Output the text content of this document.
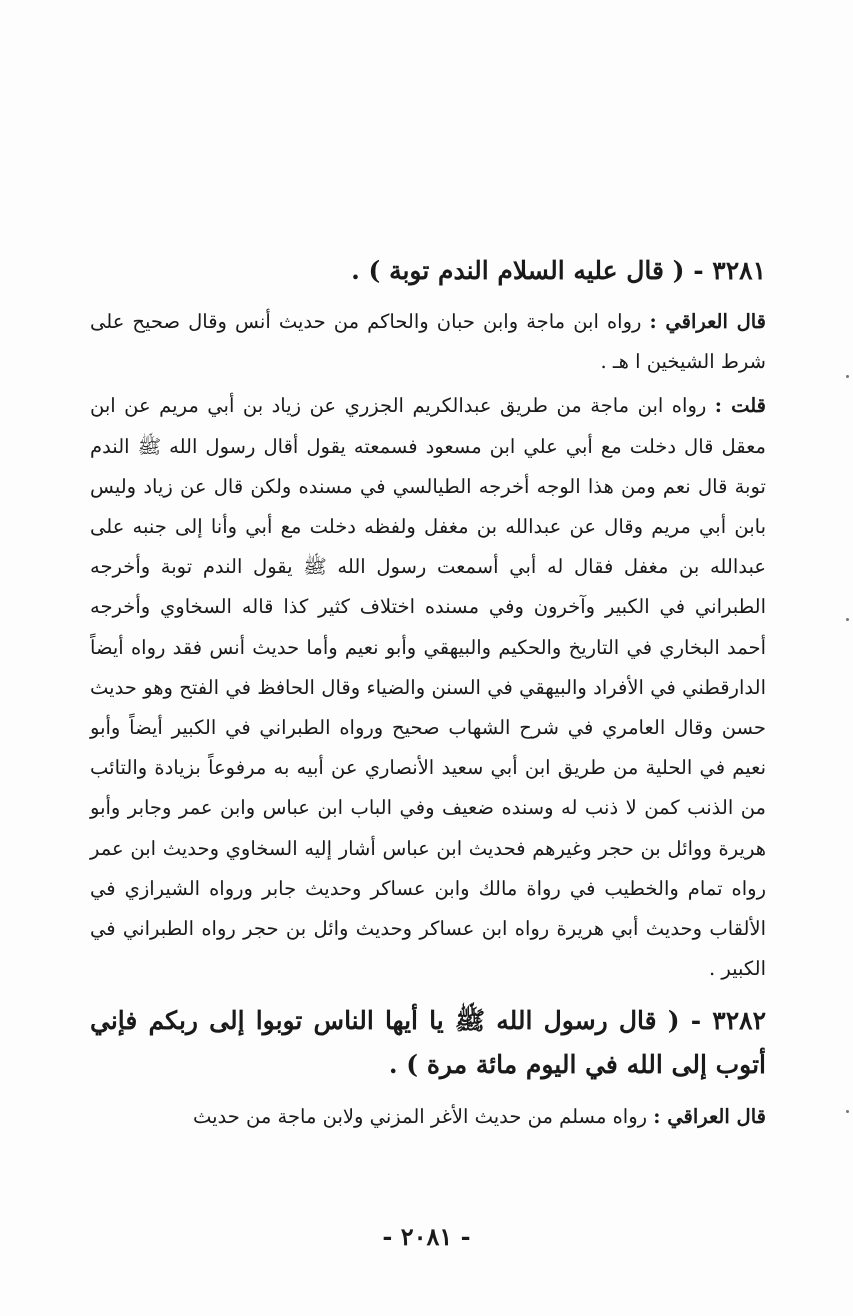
٣٢٨١ - ( قال عليه السلام الندم توبة ) .

قال العراقي : رواه ابن ماجة وابن حبان والحاكم من حديث أنس وقال صحيح على شرط الشيخين ا هـ .

قلت : رواه ابن ماجة من طريق عبدالكريم الجزري عن زياد بن أبي مريم عن ابن معقل قال دخلت مع أبي علي ابن مسعود فسمعته يقول أقال رسول الله ﷺ الندم توبة قال نعم ومن هذا الوجه أخرجه الطيالسي في مسنده ولكن قال عن زياد وليس بابن أبي مريم وقال عن عبدالله بن مغفل ولفظه دخلت مع أبي وأنا إلى جنبه على عبدالله بن مغفل فقال له أبي أسمعت رسول الله ﷺ يقول الندم توبة وأخرجه الطبراني في الكبير وآخرون وفي مسنده اختلاف كثير كذا قاله السخاوي وأخرجه أحمد البخاري في التاريخ والحكيم والبيهقي وأبو نعيم وأما حديث أنس فقد رواه أيضاً الدارقطني في الأفراد والبيهقي في السنن والضياء وقال الحافظ في الفتح وهو حديث حسن وقال العامري في شرح الشهاب صحيح ورواه الطبراني في الكبير أيضاً وأبو نعيم في الحلية من طريق ابن أبي سعيد الأنصاري عن أبيه به مرفوعاً بزيادة والتائب من الذنب كمن لا ذنب له وسنده ضعيف وفي الباب ابن عباس وابن عمر وجابر وأبو هريرة ووائل بن حجر وغيرهم فحديث ابن عباس أشار إليه السخاوي وحديث ابن عمر رواه تمام والخطيب في رواة مالك وابن عساكر وحديث جابر ورواه الشيرازي في الألقاب وحديث أبي هريرة رواه ابن عساكر وحديث وائل بن حجر رواه الطبراني في الكبير .

٣٢٨٢ - ( قال رسول الله ﷺ يا أيها الناس توبوا إلى ربكم فإني أتوب إلى الله في اليوم مائة مرة ) .

قال العراقي : رواه مسلم من حديث الأغر المزني ولابن ماجة من حديث

- ٢٠٨١ -
